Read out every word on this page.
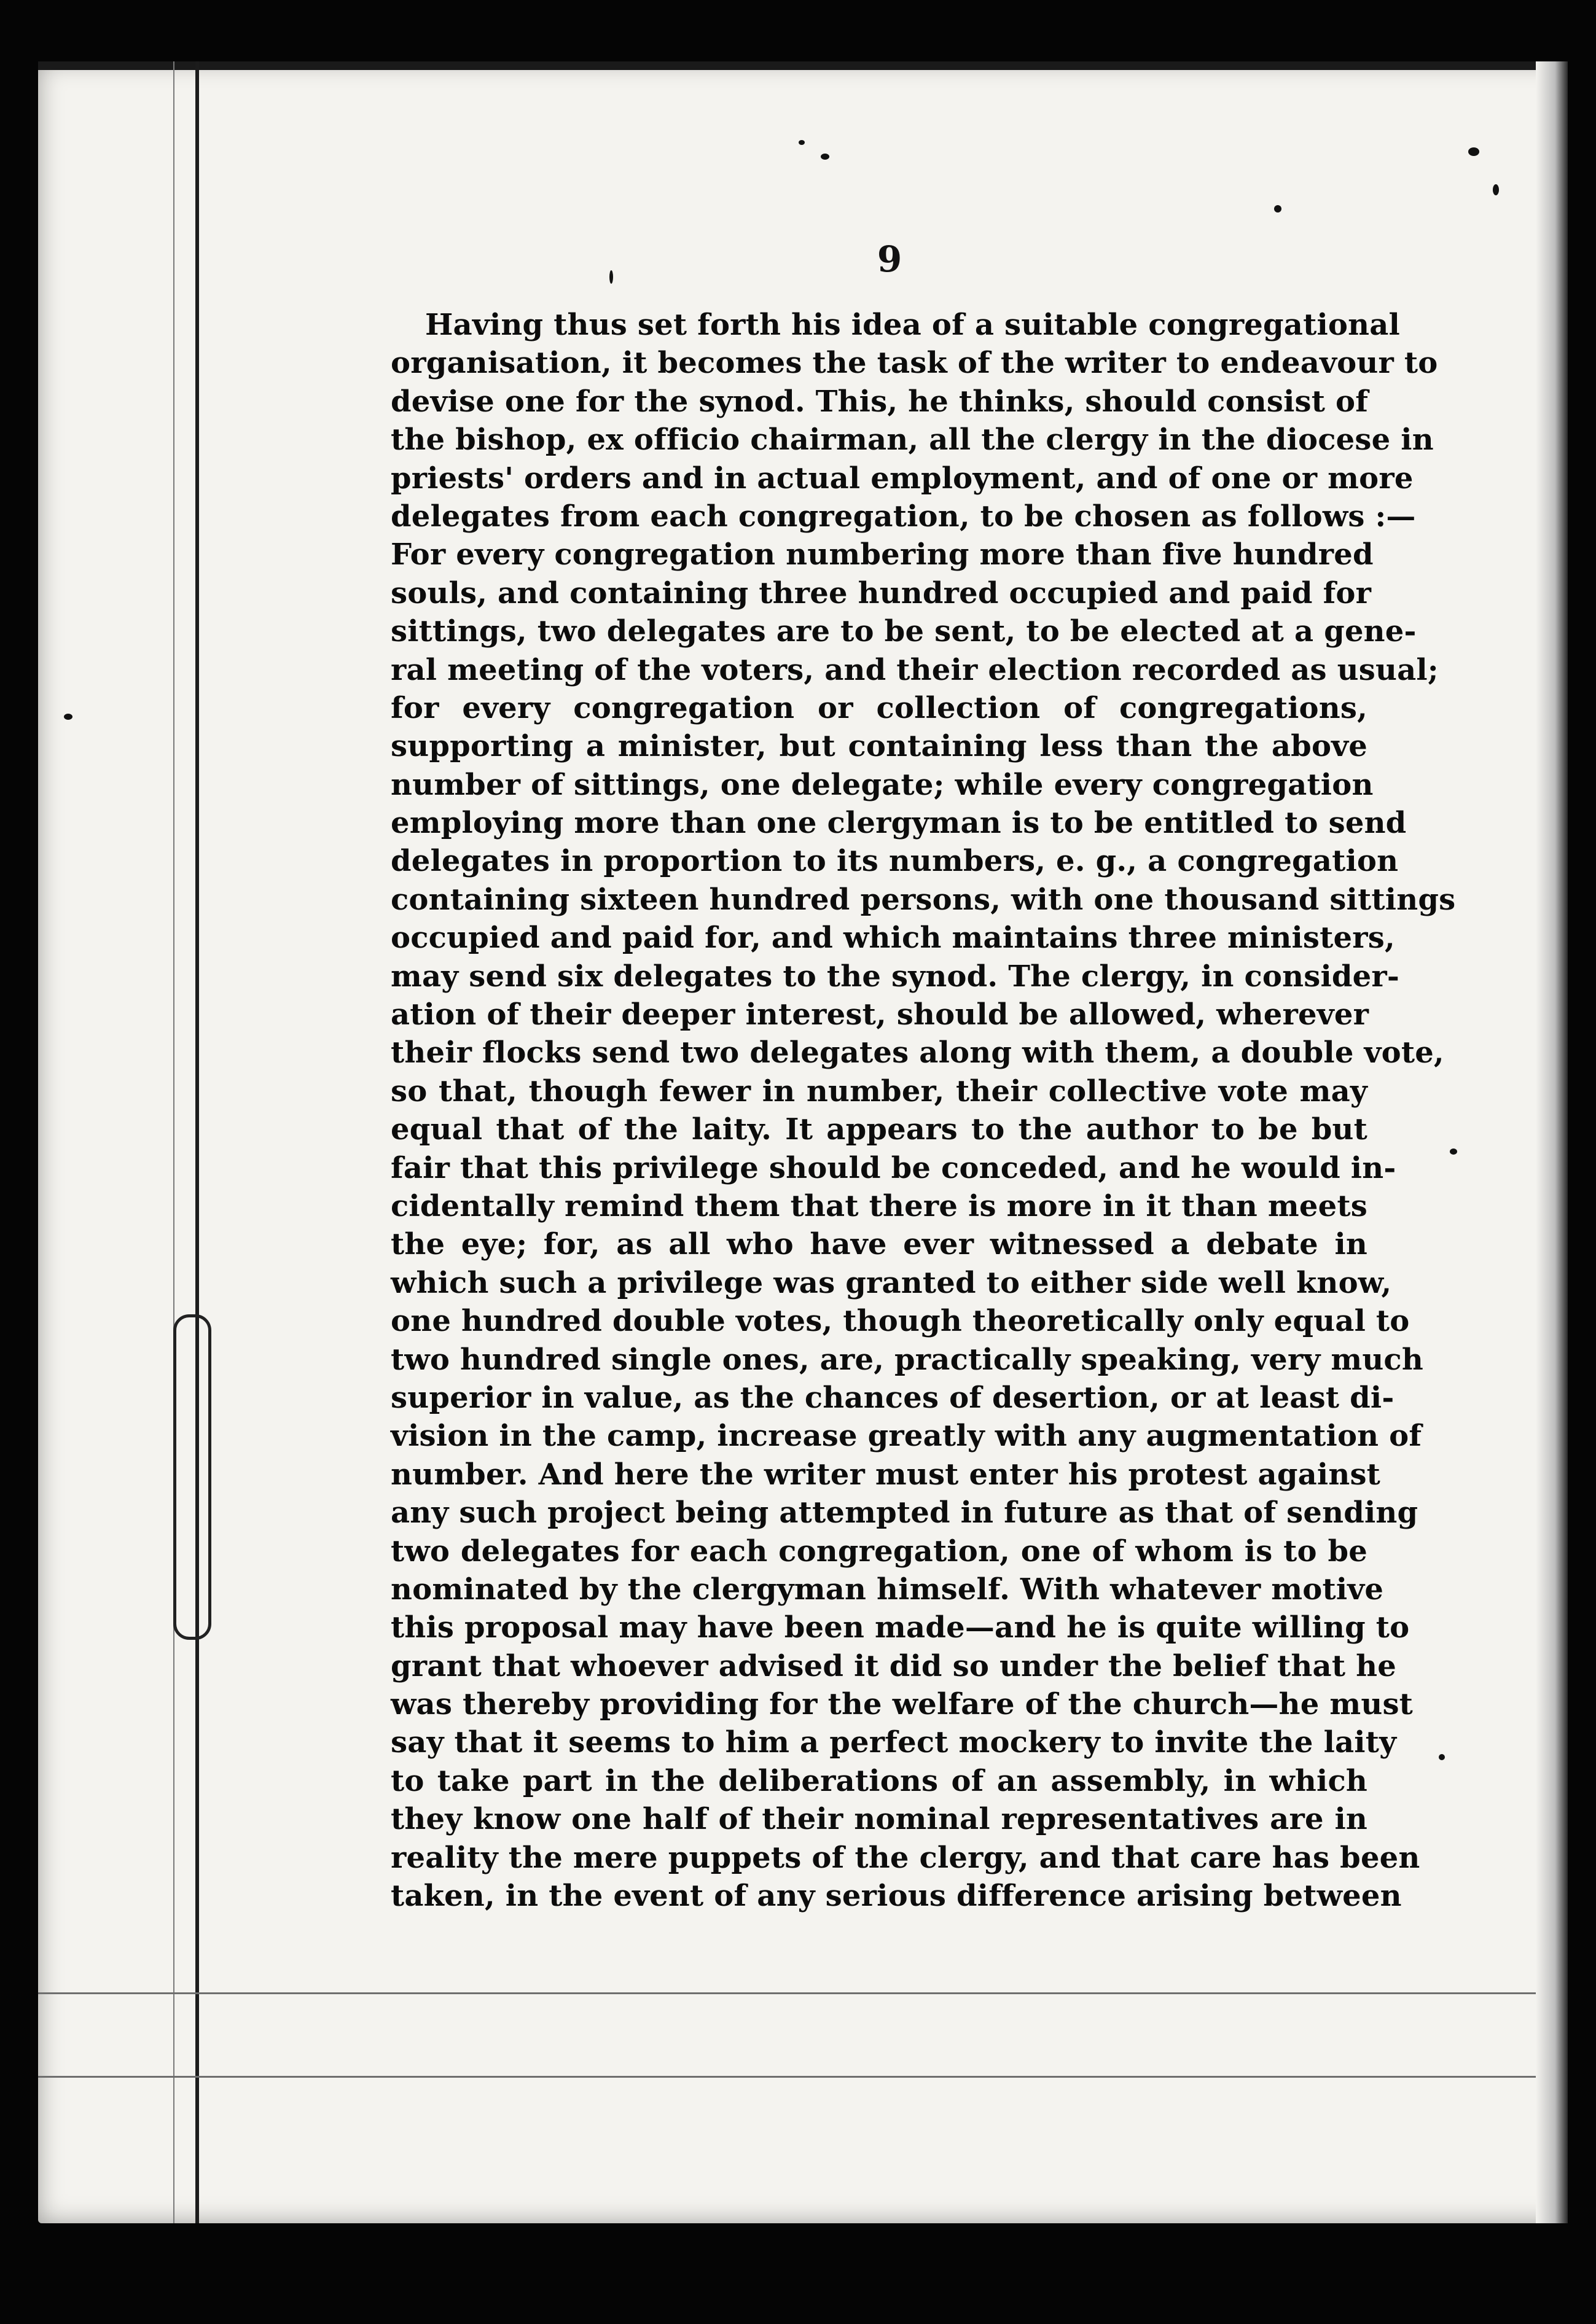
9
Having thus set forth his idea of a suitable congregational
organisation, it becomes the task of the writer to endeavour to
devise one for the synod. This, he thinks, should consist of
the bishop, ex officio chairman, all the clergy in the diocese in
priests' orders and in actual employment, and of one or more
delegates from each congregation, to be chosen as follows :—
For every congregation numbering more than five hundred
souls, and containing three hundred occupied and paid for
sittings, two delegates are to be sent, to be elected at a gene-
ral meeting of the voters, and their election recorded as usual;
for every congregation or collection of congregations,
supporting a minister, but containing less than the above
number of sittings, one delegate; while every congregation
employing more than one clergyman is to be entitled to send
delegates in proportion to its numbers, e. g., a congregation
containing sixteen hundred persons, with one thousand sittings
occupied and paid for, and which maintains three ministers,
may send six delegates to the synod. The clergy, in consider-
ation of their deeper interest, should be allowed, wherever
their flocks send two delegates along with them, a double vote,
so that, though fewer in number, their collective vote may
equal that of the laity. It appears to the author to be but
fair that this privilege should be conceded, and he would in-
cidentally remind them that there is more in it than meets
the eye; for, as all who have ever witnessed a debate in
which such a privilege was granted to either side well know,
one hundred double votes, though theoretically only equal to
two hundred single ones, are, practically speaking, very much
superior in value, as the chances of desertion, or at least di-
vision in the camp, increase greatly with any augmentation of
number. And here the writer must enter his protest against
any such project being attempted in future as that of sending
two delegates for each congregation, one of whom is to be
nominated by the clergyman himself. With whatever motive
this proposal may have been made—and he is quite willing to
grant that whoever advised it did so under the belief that he
was thereby providing for the welfare of the church—he must
say that it seems to him a perfect mockery to invite the laity
to take part in the deliberations of an assembly, in which
they know one half of their nominal representatives are in
reality the mere puppets of the clergy, and that care has been
taken, in the event of any serious difference arising between
